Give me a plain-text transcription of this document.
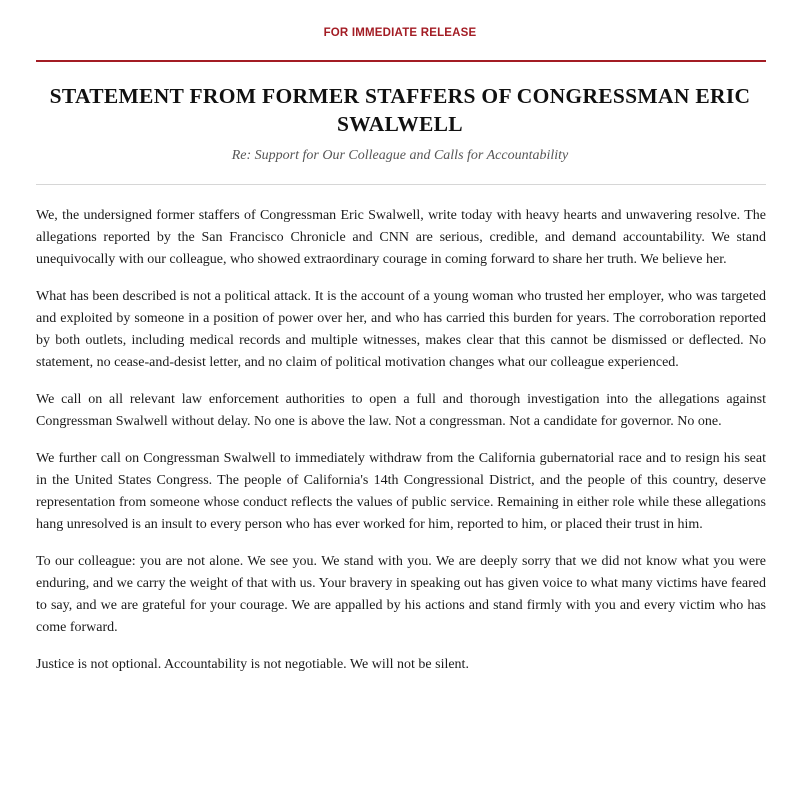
FOR IMMEDIATE RELEASE
STATEMENT FROM FORMER STAFFERS OF CONGRESSMAN ERIC SWALWELL
Re: Support for Our Colleague and Calls for Accountability

We, the undersigned former staffers of Congressman Eric Swalwell, write today with heavy hearts and unwavering resolve. The allegations reported by the San Francisco Chronicle and CNN are serious, credible, and demand accountability. We stand unequivocally with our colleague, who showed extraordinary courage in coming forward to share her truth. We believe her.

What has been described is not a political attack. It is the account of a young woman who trusted her employer, who was targeted and exploited by someone in a position of power over her, and who has carried this burden for years. The corroboration reported by both outlets, including medical records and multiple witnesses, makes clear that this cannot be dismissed or deflected. No statement, no cease-and-desist letter, and no claim of political motivation changes what our colleague experienced.

We call on all relevant law enforcement authorities to open a full and thorough investigation into the allegations against Congressman Swalwell without delay. No one is above the law. Not a congressman. Not a candidate for governor. No one.

We further call on Congressman Swalwell to immediately withdraw from the California gubernatorial race and to resign his seat in the United States Congress. The people of California's 14th Congressional District, and the people of this country, deserve representation from someone whose conduct reflects the values of public service. Remaining in either role while these allegations hang unresolved is an insult to every person who has ever worked for him, reported to him, or placed their trust in him.

To our colleague: you are not alone. We see you. We stand with you. We are deeply sorry that we did not know what you were enduring, and we carry the weight of that with us. Your bravery in speaking out has given voice to what many victims have feared to say, and we are grateful for your courage. We are appalled by his actions and stand firmly with you and every victim who has come forward.

Justice is not optional. Accountability is not negotiable. We will not be silent.
